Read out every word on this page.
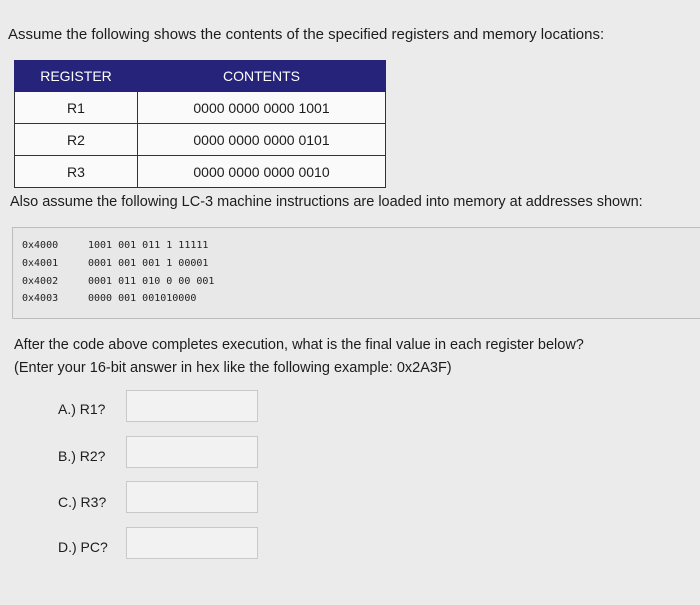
Assume the following shows the contents of the specified registers and memory locations:
REGISTER	CONTENTS
R1	0000 0000 0000 1001
R2	0000 0000 0000 0101
R3	0000 0000 0000 0010
Also assume the following LC-3 machine instructions are loaded into memory at addresses shown:
0x4000	1001 001 011 1 11111
0x4001	0001 001 001 1 00001
0x4002	0001 011 010 0 00 001
0x4003	0000 001 001010000
After the code above completes execution, what is the final value in each register below?
(Enter your 16-bit answer in hex like the following example: 0x2A3F)
A.) R1?
B.) R2?
C.) R3?
D.) PC?
